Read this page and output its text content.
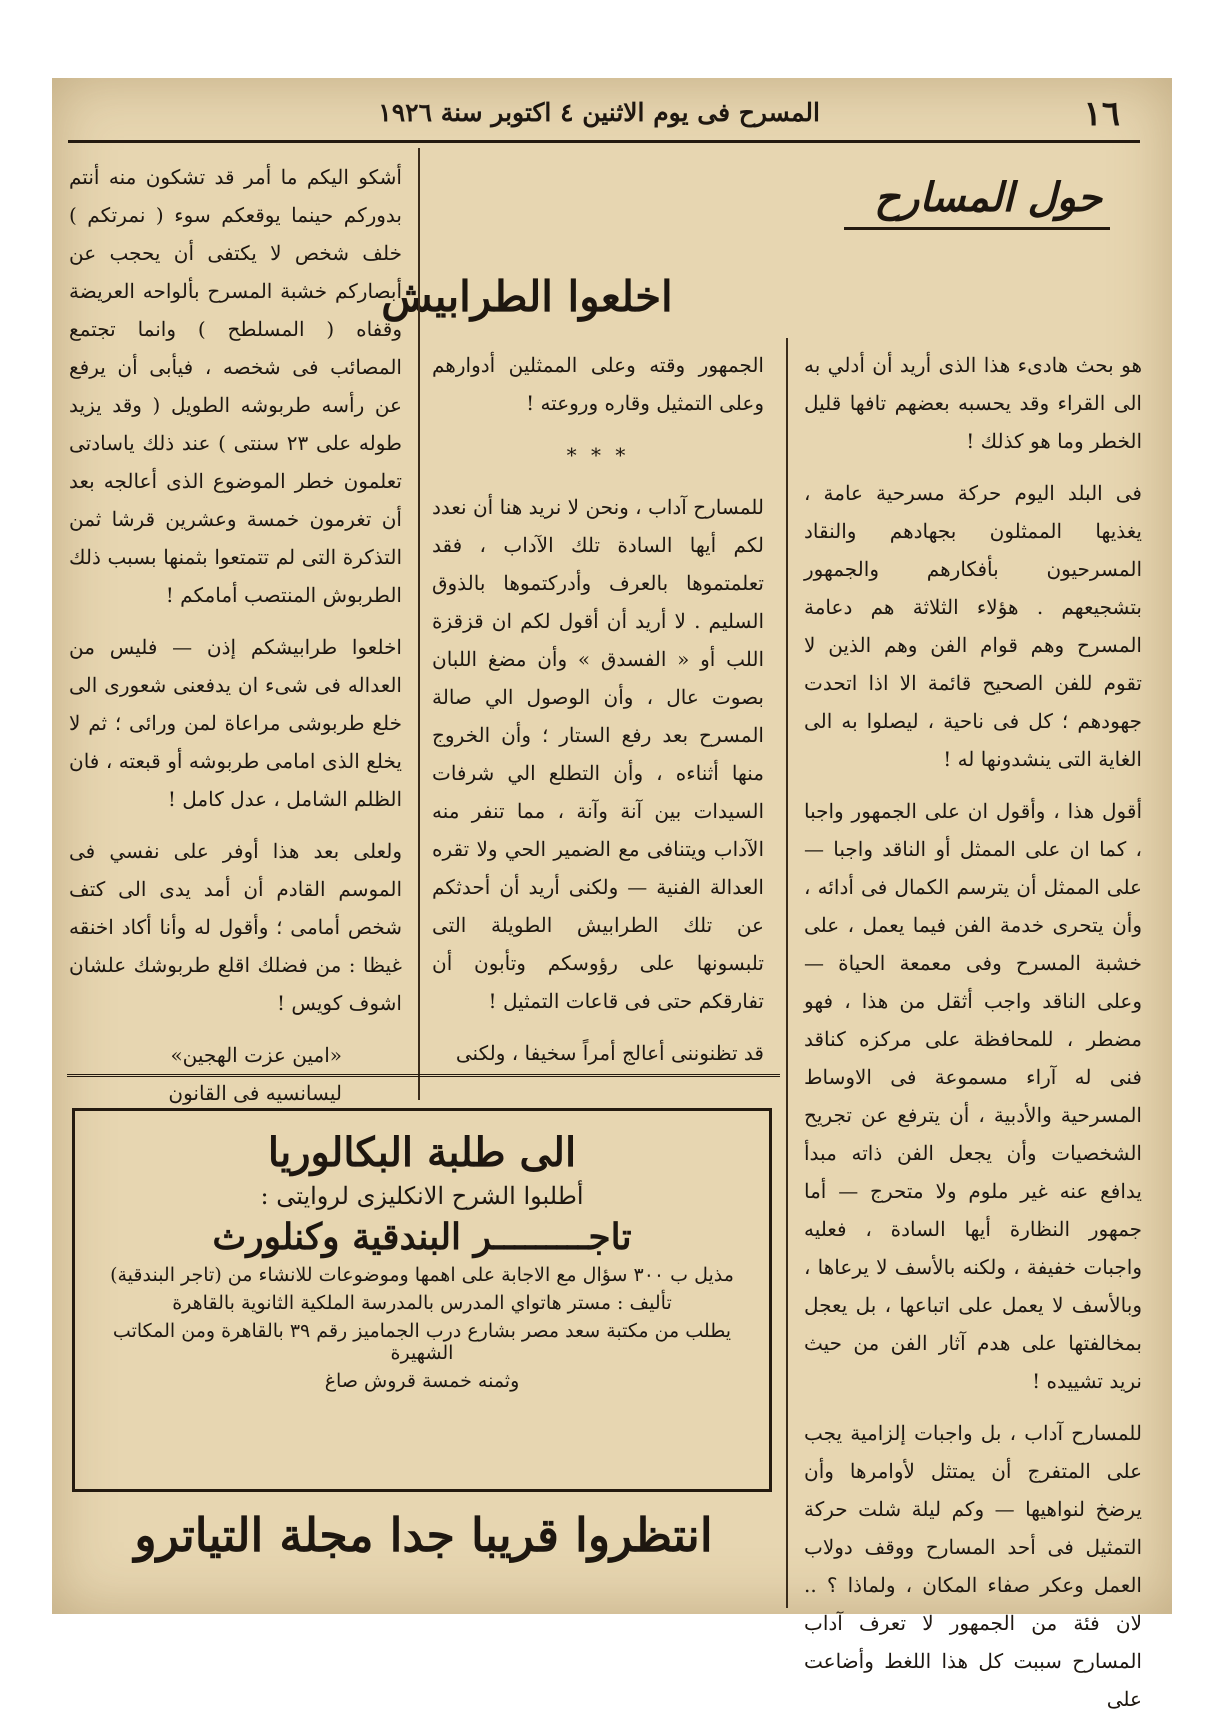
١٦
المسرح فى يوم الاثنين ٤ اكتوبر سنة ١٩٢٦
حول المسارح
اخلعوا الطرابيش

هو بحث هادىء هذا الذى أريد أن أدلي به الى القراء وقد يحسبه بعضهم تافها قليل الخطر وما هو كذلك !

فى البلد اليوم حركة مسرحية عامة ، يغذيها الممثلون بجهادهم والنقاد المسرحيون بأفكارهم والجمهور بتشجيعهم . هؤلاء الثلاثة هم دعامة المسرح وهم قوام الفن وهم الذين لا تقوم للفن الصحيح قائمة الا اذا اتحدت جهودهم ؛ كل فى ناحية ، ليصلوا به الى الغاية التى ينشدونها له !

أقول هذا ، وأقول ان على الجمهور واجبا ، كما ان على الممثل أو الناقد واجبا — على الممثل أن يترسم الكمال فى أدائه ، وأن يتحرى خدمة الفن فيما يعمل ، على خشبة المسرح وفى معمعة الحياة — وعلى الناقد واجب أثقل من هذا ، فهو مضطر ، للمحافظة على مركزه كناقد فنى له آراء مسموعة فى الاوساط المسرحية والأدبية ، أن يترفع عن تجريح الشخصيات وأن يجعل الفن ذاته مبدأ يدافع عنه غير ملوم ولا متحرج — أما جمهور النظارة أيها السادة ، فعليه واجبات خفيفة ، ولكنه بالأسف لا يرعاها ، وبالأسف لا يعمل على اتباعها ، بل يعجل بمخالفتها على هدم آثار الفن من حيث نريد تشييده !

للمسارح آداب ، بل واجبات إلزامية يجب على المتفرج أن يمتثل لأوامرها وأن يرضخ لنواهيها — وكم ليلة شلت حركة التمثيل فى أحد المسارح ووقف دولاب العمل وعكر صفاء المكان ، ولماذا ؟ .. لان فئة من الجمهور لا تعرف آداب المسارح سببت كل هذا اللغط وأضاعت على

الجمهور وقته وعلى الممثلين أدوارهم وعلى التمثيل وقاره وروعته !

* * *

للمسارح آداب ، ونحن لا نريد هنا أن نعدد لكم أيها السادة تلك الآداب ، فقد تعلمتموها بالعرف وأدركتموها بالذوق السليم . لا أريد أن أقول لكم ان قزقزة اللب أو « الفسدق » وأن مضغ اللبان بصوت عال ، وأن الوصول الي صالة المسرح بعد رفع الستار ؛ وأن الخروج منها أثناءه ، وأن التطلع الي شرفات السيدات بين آنة وآنة ، مما تنفر منه الآداب ويتنافى مع الضمير الحي ولا تقره العدالة الفنية — ولكنى أريد أن أحدثكم عن تلك الطرابيش الطويلة التى تلبسونها على رؤوسكم وتأبون أن تفارقكم حتى فى قاعات التمثيل !

قد تظنوننى أعالج أمراً سخيفا ، ولكنى

أشكو اليكم ما أمر قد تشكون منه أنتم بدوركم حينما يوقعكم سوء ( نمرتكم ) خلف شخص لا يكتفى أن يحجب عن أبصاركم خشبة المسرح بألواحه العريضة وقفاه ( المسلطح ) وانما تجتمع المصائب فى شخصه ، فيأبى أن يرفع عن رأسه طربوشه الطويل ( وقد يزيد طوله على ٢٣ سنتى ) عند ذلك ياسادتى تعلمون خطر الموضوع الذى أعالجه بعد أن تغرمون خمسة وعشرين قرشا ثمن التذكرة التى لم تتمتعوا بثمنها بسبب ذلك الطربوش المنتصب أمامكم !

اخلعوا طرابيشكم إذن — فليس من العداله فى شىء ان يدفعنى شعورى الى خلع طربوشى مراعاة لمن ورائى ؛ ثم لا يخلع الذى امامى طربوشه أو قبعته ، فان الظلم الشامل ، عدل كامل !

ولعلى بعد هذا أوفر على نفسي فى الموسم القادم أن أمد يدى الى كتف شخص أمامى ؛ وأقول له وأنا أكاد اخنقه غيظا : من فضلك اقلع طربوشك علشان اشوف كويس !

«امين عزت الهجين»

ليسانسيه فى القانون

الى طلبة البكالوريا
أطلبوا الشرح الانكليزى لروايتى :
تاجـــــــــر البندقية وكنلورث
مذيل ب ٣٠٠ سؤال مع الاجابة على اهمها وموضوعات للانشاء من (تاجر البندقية)
تأليف : مستر هاتواي المدرس بالمدرسة الملكية الثانوية بالقاهرة
يطلب من مكتبة سعد مصر بشارع درب الجماميز رقم ٣٩ بالقاهرة ومن المكاتب الشهيرة
وثمنه خمسة قروش صاغ
انتظروا قريبا جدا مجلة التياترو
